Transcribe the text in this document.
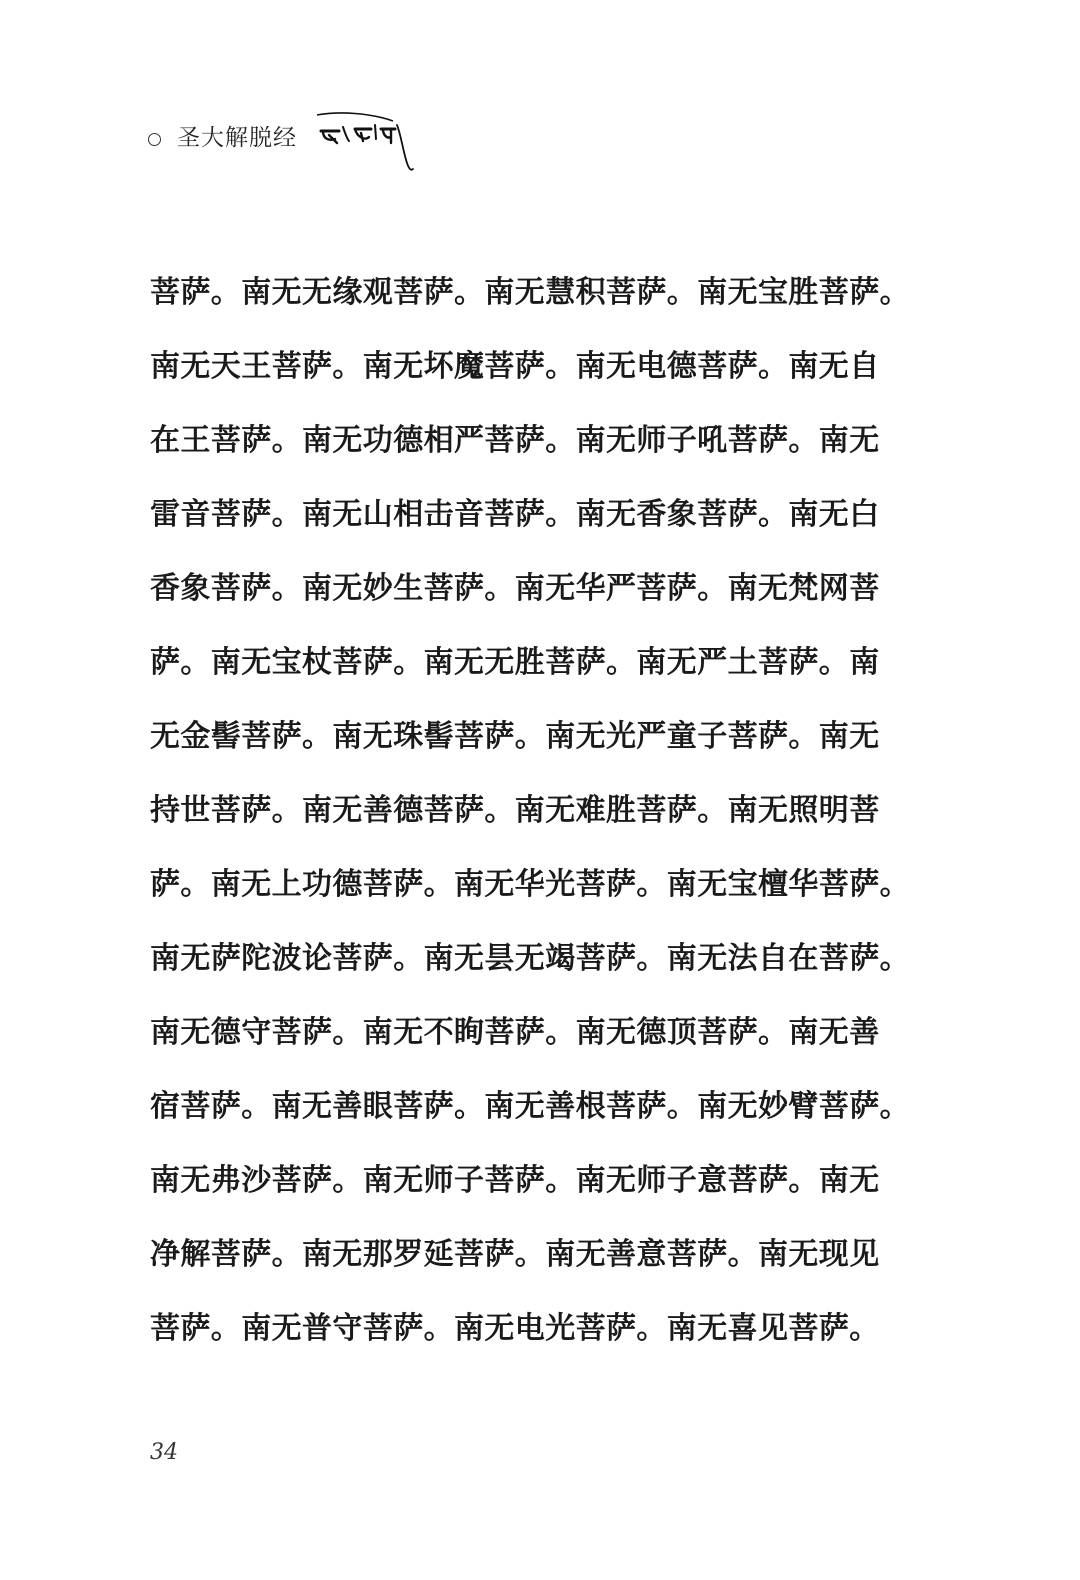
圣大解脱经
菩萨。南无无缘观菩萨。南无慧积菩萨。南无宝胜菩萨。
南无天王菩萨。南无坏魔菩萨。南无电德菩萨。南无自
在王菩萨。南无功德相严菩萨。南无师子吼菩萨。南无
雷音菩萨。南无山相击音菩萨。南无香象菩萨。南无白
香象菩萨。南无妙生菩萨。南无华严菩萨。南无梵网菩
萨。南无宝杖菩萨。南无无胜菩萨。南无严土菩萨。南
无金髻菩萨。南无珠髻菩萨。南无光严童子菩萨。南无
持世菩萨。南无善德菩萨。南无难胜菩萨。南无照明菩
萨。南无上功德菩萨。南无华光菩萨。南无宝檀华菩萨。
南无萨陀波论菩萨。南无昙无竭菩萨。南无法自在菩萨。
南无德守菩萨。南无不眴菩萨。南无德顶菩萨。南无善
宿菩萨。南无善眼菩萨。南无善根菩萨。南无妙臂菩萨。
南无弗沙菩萨。南无师子菩萨。南无师子意菩萨。南无
净解菩萨。南无那罗延菩萨。南无善意菩萨。南无现见
菩萨。南无普守菩萨。南无电光菩萨。南无喜见菩萨。
34
